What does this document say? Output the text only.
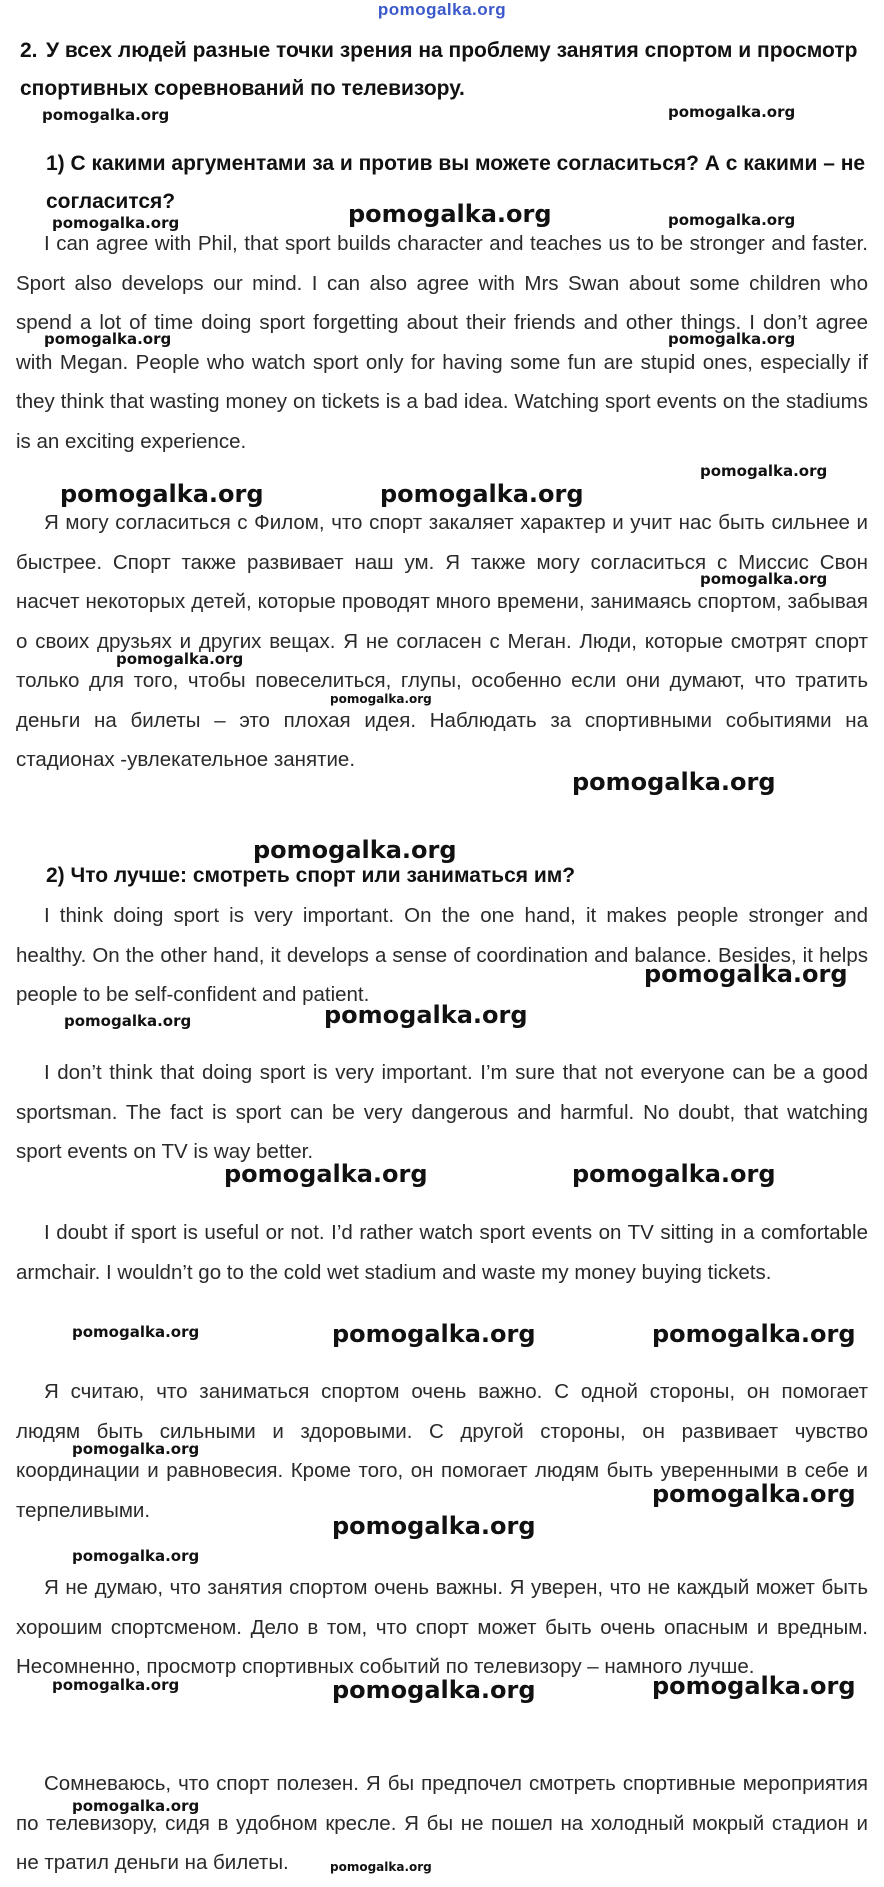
pomogalka.org
2. У всех людей разные точки зрения на проблему занятия спортом и просмотр спортивных соревнований по телевизору.
1) С какими аргументами за и против вы можете согласиться? А с какими – не согласится?
I can agree with Phil, that sport builds character and teaches us to be stronger and faster. Sport also develops our mind. I can also agree with Mrs Swan about some children who spend a lot of time doing sport forgetting about their friends and other things. I don’t agree with Megan. People who watch sport only for having some fun are stupid ones, especially if they think that wasting money on tickets is a bad idea. Watching sport events on the stadiums is an exciting experience.
Я могу согласиться с Филом, что спорт закаляет характер и учит нас быть сильнее и быстрее. Спорт также развивает наш ум. Я также могу согласиться с Миссис Свон насчет некоторых детей, которые проводят много времени, занимаясь спортом, забывая о своих друзьях и других вещах. Я не согласен с Меган. Люди, которые смотрят спорт только для того, чтобы повеселиться, глупы, особенно если они думают, что тратить деньги на билеты – это плохая идея. Наблюдать за спортивными событиями на стадионах -увлекательное занятие.
2) Что лучше: смотреть спорт или заниматься им?
I think doing sport is very important. On the one hand, it makes people stronger and healthy. On the other hand, it develops a sense of coordination and balance. Besides, it helps people to be self-confident and patient.
I don’t think that doing sport is very important. I’m sure that not everyone can be a good sportsman. The fact is sport can be very dangerous and harmful. No doubt, that watching sport events on TV is way better.
I doubt if sport is useful or not. I’d rather watch sport events on TV sitting in a comfortable armchair. I wouldn’t go to the cold wet stadium and waste my money buying tickets.
Я считаю, что заниматься спортом очень важно. С одной стороны, он помогает людям быть сильными и здоровыми. С другой стороны, он развивает чувство координации и равновесия. Кроме того, он помогает людям быть уверенными в себе и терпеливыми.
Я не думаю, что занятия спортом очень важны. Я уверен, что не каждый может быть хорошим спортсменом. Дело в том, что спорт может быть очень опасным и вредным. Несомненно, просмотр спортивных событий по телевизору – намного лучше.
Сомневаюсь, что спорт полезен. Я бы предпочел смотреть спортивные мероприятия по телевизору, сидя в удобном кресле. Я бы не пошел на холодный мокрый стадион и не тратил деньги на билеты.
pomogalka.org	pomogalka.org
pomogalka.org	pomogalka.org	pomogalka.org
pomogalka.org	pomogalka.org
pomogalka.org
pomogalka.org	pomogalka.org
pomogalka.org
pomogalka.org
pomogalka.org
pomogalka.org
pomogalka.org
pomogalka.org
pomogalka.org	pomogalka.org
pomogalka.org	pomogalka.org
pomogalka.org	pomogalka.org	pomogalka.org
pomogalka.org
pomogalka.org
pomogalka.org
pomogalka.org
pomogalka.org	pomogalka.org	pomogalka.org
pomogalka.org
pomogalka.org
